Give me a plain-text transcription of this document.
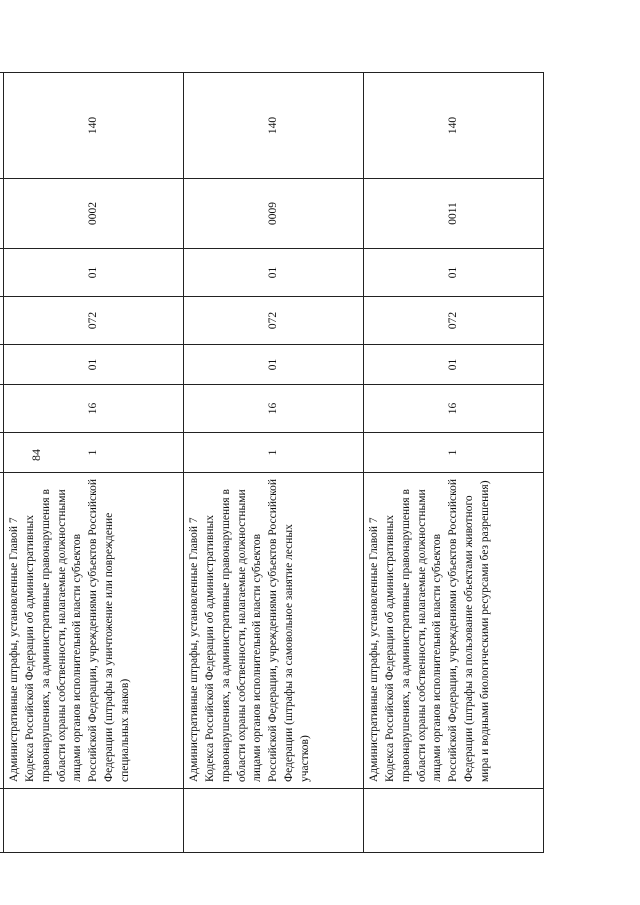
84

	Административные штрафы, установленные Главой 7 Кодекса Российской Федерации об административных правонарушениях, за административные правонарушения в области охраны собственности, налагаемые должностными лицами органов исполнительной власти субъектов Российской Федерации, учреждениями субъектов Российской Федерации (штрафы за уничтожение или повреждение специальных знаков)	1	16	01	072	01	0002	140
	Административные штрафы, установленные Главой 7 Кодекса Российской Федерации об административных правонарушениях, за административные правонарушения в области охраны собственности, налагаемые должностными лицами органов исполнительной власти субъектов Российской Федерации, учреждениями субъектов Российской Федерации (штрафы за самовольное занятие лесных участков)	1	16	01	072	01	0009	140
	Административные штрафы, установленные Главой 7 Кодекса Российской Федерации об административных правонарушениях, за административные правонарушения в области охраны собственности, налагаемые должностными лицами органов исполнительной власти субъектов Российской Федерации, учреждениями субъектов Российской Федерации (штрафы за пользование объектами животного мира и водными биологическими ресурсами без разрешения)	1	16	01	072	01	0011	140
